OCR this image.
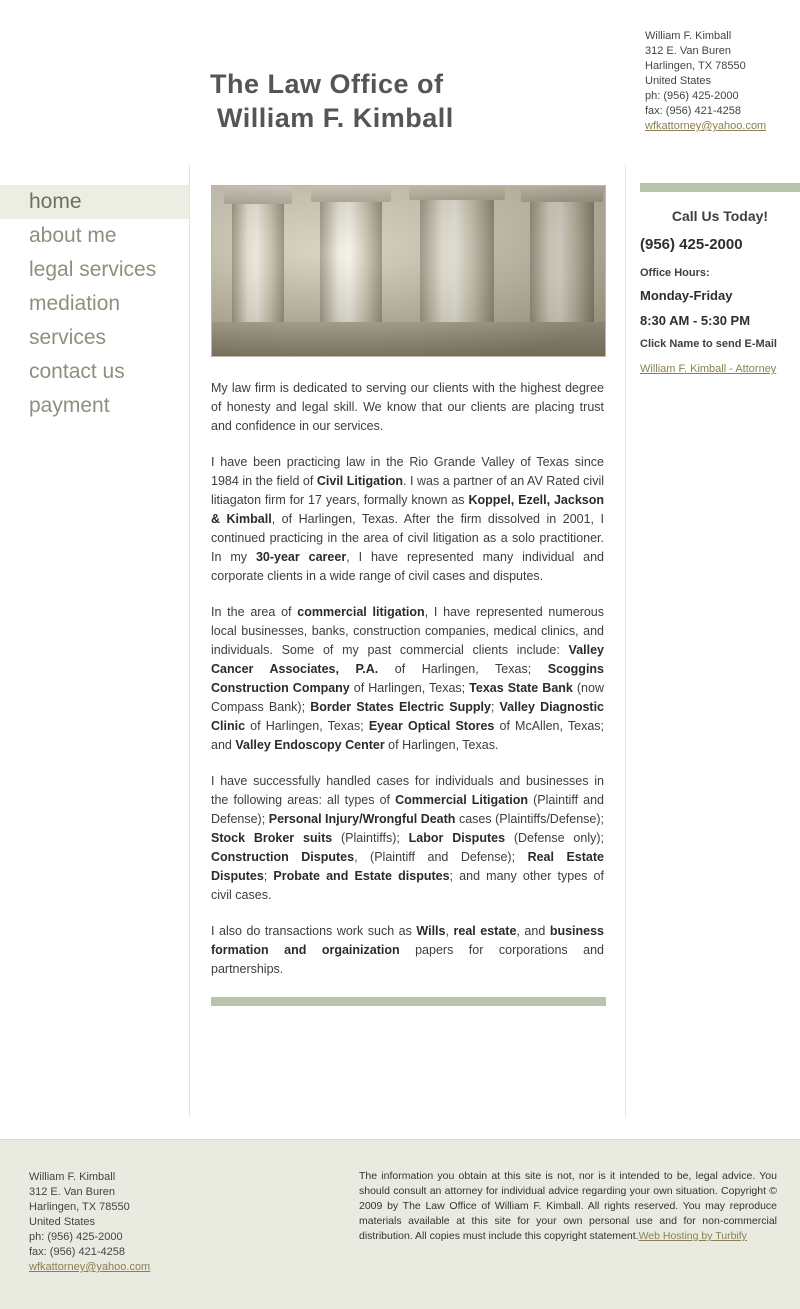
The Law Office of
William F. Kimball
William F. Kimball
312 E. Van Buren
Harlingen, TX 78550
United States
ph: (956) 425-2000
fax: (956) 421-4258
wfkattorney@yahoo.com
home
about me
legal services
mediation services
contact us
payment

My law firm is dedicated to serving our clients with the highest degree of honesty and legal skill. We know that our clients are placing trust and confidence in our services.

I have been practicing law in the Rio Grande Valley of Texas since 1984 in the field of Civil Litigation. I was a partner of an AV Rated civil litiagaton firm for 17 years, formally known as Koppel, Ezell, Jackson & Kimball, of Harlingen, Texas. After the firm dissolved in 2001, I continued practicing in the area of civil litigation as a solo practitioner. In my 30-year career, I have represented many individual and corporate clients in a wide range of civil cases and disputes.

In the area of commercial litigation, I have represented numerous local businesses, banks, construction companies, medical clinics, and individuals. Some of my past commercial clients include: Valley Cancer Associates, P.A. of Harlingen, Texas; Scoggins Construction Company of Harlingen, Texas; Texas State Bank (now Compass Bank); Border States Electric Supply; Valley Diagnostic Clinic of Harlingen, Texas; Eyear Optical Stores of McAllen, Texas; and Valley Endoscopy Center of Harlingen, Texas.

I have successfully handled cases for individuals and businesses in the following areas: all types of Commercial Litigation (Plaintiff and Defense); Personal Injury/Wrongful Death cases (Plaintiffs/Defense); Stock Broker suits (Plaintiffs); Labor Disputes (Defense only); Construction Disputes, (Plaintiff and Defense); Real Estate Disputes; Probate and Estate disputes; and many other types of civil cases.

I also do transactions work such as Wills, real estate, and business formation and orgainization papers for corporations and partnerships.

Call Us Today!
(956) 425-2000
Office Hours:
Monday-Friday
8:30 AM - 5:30 PM
Click Name to send E-Mail
William F. Kimball - Attorney
William F. Kimball
312 E. Van Buren
Harlingen, TX 78550
United States
ph: (956) 425-2000
fax: (956) 421-4258
wfkattorney@yahoo.com
The information you obtain at this site is not, nor is it intended to be, legal advice. You should consult an attorney for individual advice regarding your own situation. Copyright © 2009 by The Law Office of William F. Kimball. All rights reserved. You may reproduce materials available at this site for your own personal use and for non-commercial distribution. All copies must include this copyright statement.Web Hosting by Turbify
